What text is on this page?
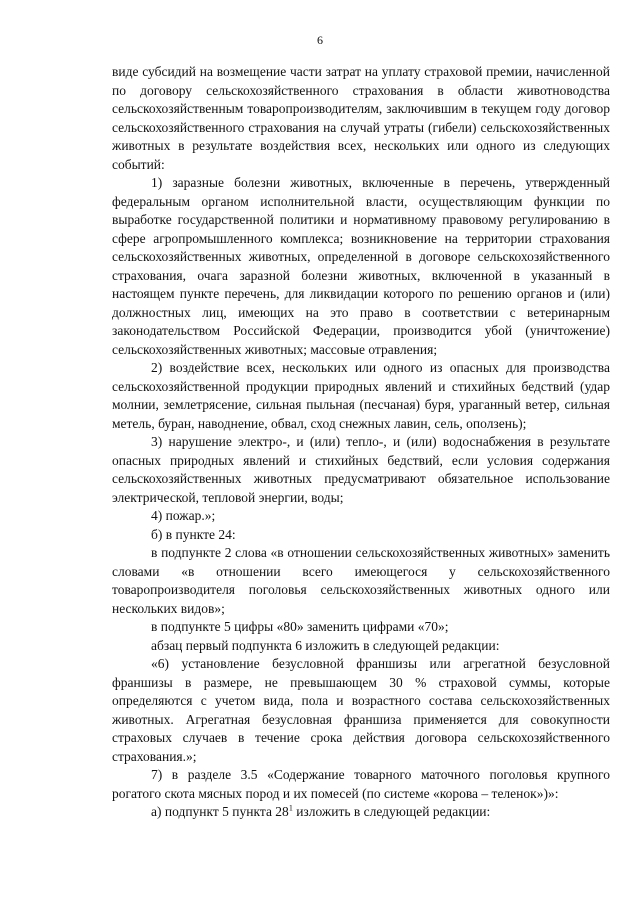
6

виде субсидий на возмещение части затрат на уплату страховой премии, начисленной по договору сельскохозяйственного страхования в области животноводства сельскохозяйственным товаропроизводителям, заключившим в текущем году договор сельскохозяйственного страхования на случай утраты (гибели) сельскохозяйственных животных в результате воздействия всех, нескольких или одного из следующих событий:

1) заразные болезни животных, включенные в перечень, утвержденный федеральным органом исполнительной власти, осуществляющим функции по выработке государственной политики и нормативному правовому регулированию в сфере агропромышленного комплекса; возникновение на территории страхования сельскохозяйственных животных, определенной в договоре сельскохозяйственного страхования, очага заразной болезни животных, включенной в указанный в настоящем пункте перечень, для ликвидации которого по решению органов и (или) должностных лиц, имеющих на это право в соответствии с ветеринарным законодательством Российской Федерации, производится убой (уничтожение) сельскохозяйственных животных; массовые отравления;

2) воздействие всех, нескольких или одного из опасных для производства сельскохозяйственной продукции природных явлений и стихийных бедствий (удар молнии, землетрясение, сильная пыльная (песчаная) буря, ураганный ветер, сильная метель, буран, наводнение, обвал, сход снежных лавин, сель, оползень);

3) нарушение электро-, и (или) тепло-, и (или) водоснабжения в результате опасных природных явлений и стихийных бедствий, если условия содержания сельскохозяйственных животных предусматривают обязательное использование электрической, тепловой энергии, воды;

4) пожар.»;

б) в пункте 24:

в подпункте 2 слова «в отношении сельскохозяйственных животных» заменить словами «в отношении всего имеющегося у сельскохозяйственного товаропроизводителя поголовья сельскохозяйственных животных одного или нескольких видов»;

в подпункте 5 цифры «80» заменить цифрами «70»;

абзац первый подпункта 6 изложить в следующей редакции:

«6) установление безусловной франшизы или агрегатной безусловной франшизы в размере, не превышающем 30 % страховой суммы, которые определяются с учетом вида, пола и возрастного состава сельскохозяйственных животных. Агрегатная безусловная франшиза применяется для совокупности страховых случаев в течение срока действия договора сельскохозяйственного страхования.»;

7) в разделе 3.5 «Содержание товарного маточного поголовья крупного рогатого скота мясных пород и их помесей (по системе «корова – теленок»)»:

а) подпункт 5 пункта $28^1$ изложить в следующей редакции:
